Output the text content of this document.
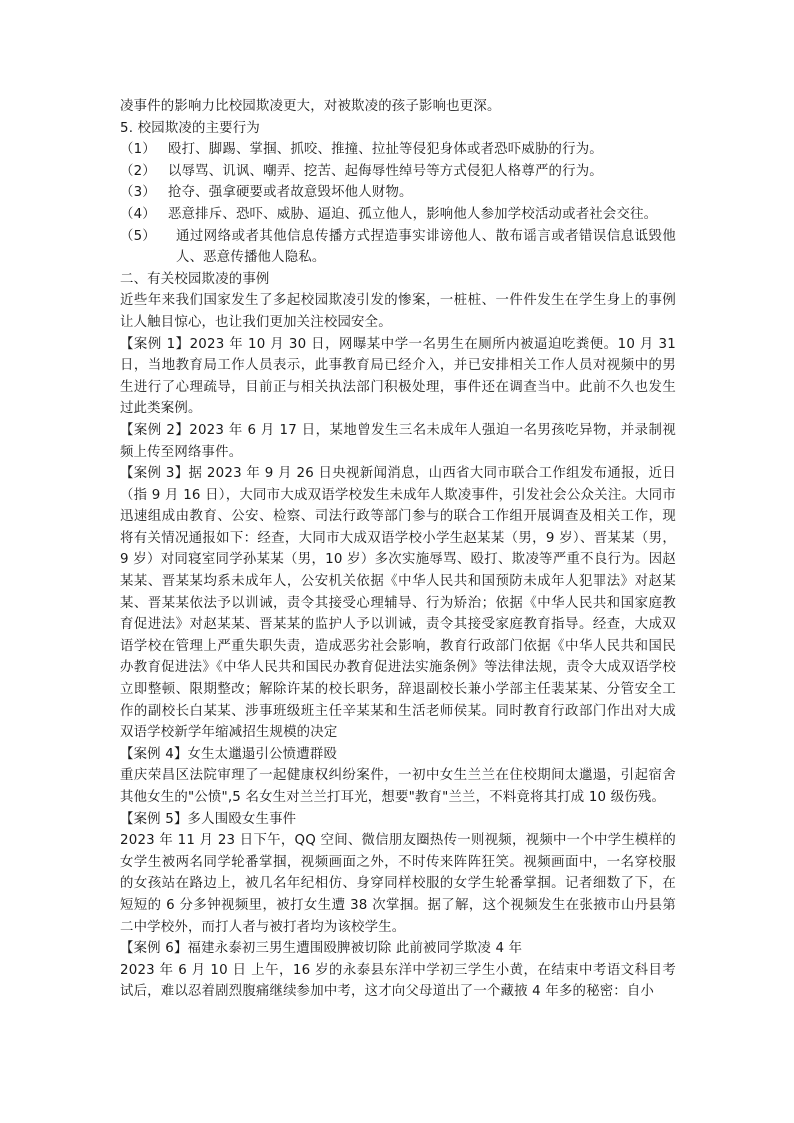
凌事件的影响力比校园欺凌更大，对被欺凌的孩子影响也更深。

5. 校园欺凌的主要行为

（1） 殴打、脚踢、掌掴、抓咬、推撞、拉扯等侵犯身体或者恐吓威胁的行为。
（2） 以辱骂、讥讽、嘲弄、挖苦、起侮辱性绰号等方式侵犯人格尊严的行为。
（3） 抢夺、强拿硬要或者故意毁坏他人财物。
（4） 恶意排斥、恐吓、威胁、逼迫、孤立他人，影响他人参加学校活动或者社会交往。
（5）	通过网络或者其他信息传播方式捏造事实诽谤他人、散布谣言或者错误信息诋毁他人、恶意传播他人隐私。

二、有关校园欺凌的事例

近些年来我们国家发生了多起校园欺凌引发的惨案，一桩桩、一件件发生在学生身上的事例让人触目惊心，也让我们更加关注校园安全。

【案例 1】2023 年 10 月 30 日，网曝某中学一名男生在厕所内被逼迫吃粪便。10 月 31 日，当地教育局工作人员表示，此事教育局已经介入，并已安排相关工作人员对视频中的男生进行了心理疏导，目前正与相关执法部门积极处理，事件还在调查当中。此前不久也发生过此类案例。

【案例 2】2023 年 6 月 17 日，某地曾发生三名未成年人强迫一名男孩吃异物，并录制视频上传至网络事件。

【案例 3】据 2023 年 9 月 26 日央视新闻消息，山西省大同市联合工作组发布通报，近日（指 9 月 16 日），大同市大成双语学校发生未成年人欺凌事件，引发社会公众关注。大同市迅速组成由教育、公安、检察、司法行政等部门参与的联合工作组开展调查及相关工作，现将有关情况通报如下：经查，大同市大成双语学校小学生赵某某（男，9 岁）、晋某某（男，9 岁）对同寝室同学孙某某（男，10 岁）多次实施辱骂、殴打、欺凌等严重不良行为。因赵某某、晋某某均系未成年人，公安机关依据《中华人民共和国预防未成年人犯罪法》对赵某某、晋某某依法予以训诫，责令其接受心理辅导、行为矫治；依据《中华人民共和国家庭教育促进法》对赵某某、晋某某的监护人予以训诫，责令其接受家庭教育指导。经查，大成双语学校在管理上严重失职失责，造成恶劣社会影响，教育行政部门依据《中华人民共和国民办教育促进法》《中华人民共和国民办教育促进法实施条例》等法律法规，责令大成双语学校立即整顿、限期整改；解除许某的校长职务，辞退副校长兼小学部主任裴某某、分管安全工作的副校长白某某、涉事班级班主任辛某某和生活老师侯某。同时教育行政部门作出对大成双语学校新学年缩减招生规模的决定

【案例 4】女生太邋遢引公愤遭群殴

重庆荣昌区法院审理了一起健康权纠纷案件，一初中女生兰兰在住校期间太邋遢，引起宿舍其他女生的"公愤",5 名女生对兰兰打耳光，想要"教育"兰兰，不料竟将其打成 10 级伤残。

【案例 5】多人围殴女生事件

2023 年 11 月 23 日下午，QQ 空间、微信朋友圈热传一则视频，视频中一个中学生模样的女学生被两名同学轮番掌掴，视频画面之外，不时传来阵阵狂笑。视频画面中，一名穿校服的女孩站在路边上，被几名年纪相仿、身穿同样校服的女学生轮番掌掴。记者细数了下，在短短的 6 分多钟视频里，被打女生遭 38 次掌掴。据了解，这个视频发生在张掖市山丹县第二中学校外，而打人者与被打者均为该校学生。

【案例 6】福建永泰初三男生遭围殴脾被切除 此前被同学欺凌 4 年

2023 年 6 月 10 日 上午，16 岁的永泰县东洋中学初三学生小黄，在结束中考语文科目考试后，难以忍着剧烈腹痛继续参加中考，这才向父母道出了一个藏掖 4 年多的秘密：自小
